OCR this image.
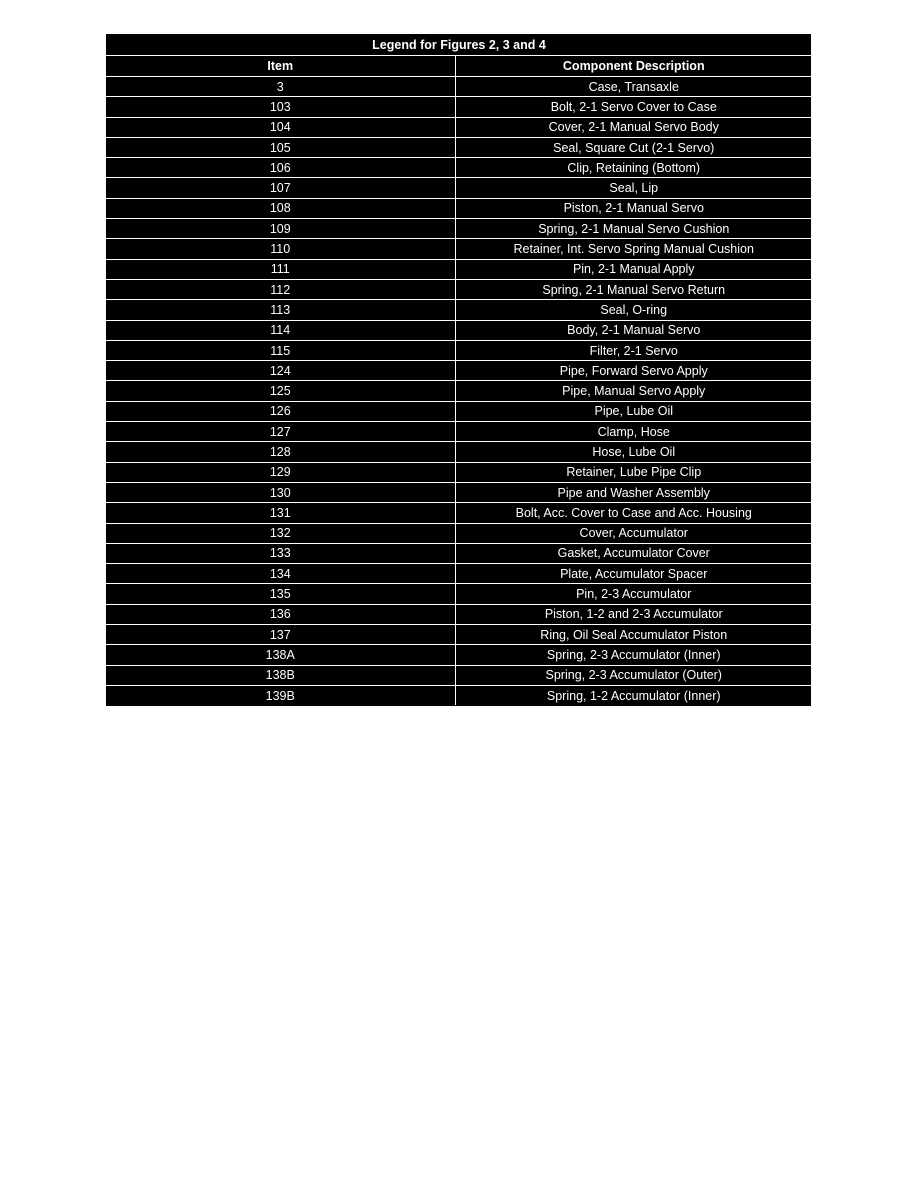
Legend for Figures 2, 3 and 4	
Item	Component Description
3	Case, Transaxle
103	Bolt, 2-1 Servo Cover to Case
104	Cover, 2-1 Manual Servo Body
105	Seal, Square Cut (2-1 Servo)
106	Clip, Retaining (Bottom)
107	Seal, Lip
108	Piston, 2-1 Manual Servo
109	Spring, 2-1 Manual Servo Cushion
110	Retainer, Int. Servo Spring Manual Cushion
111	Pin, 2-1 Manual Apply
112	Spring, 2-1 Manual Servo Return
113	Seal, O-ring
114	Body, 2-1 Manual Servo
115	Filter, 2-1 Servo
124	Pipe, Forward Servo Apply
125	Pipe, Manual Servo Apply
126	Pipe, Lube Oil
127	Clamp, Hose
128	Hose, Lube Oil
129	Retainer, Lube Pipe Clip
130	Pipe and Washer Assembly
131	Bolt, Acc. Cover to Case and Acc. Housing
132	Cover, Accumulator
133	Gasket, Accumulator Cover
134	Plate, Accumulator Spacer
135	Pin, 2-3 Accumulator
136	Piston, 1-2 and 2-3 Accumulator
137	Ring, Oil Seal Accumulator Piston
138A	Spring, 2-3 Accumulator (Inner)
138B	Spring, 2-3 Accumulator (Outer)
139B	Spring, 1-2 Accumulator (Inner)
